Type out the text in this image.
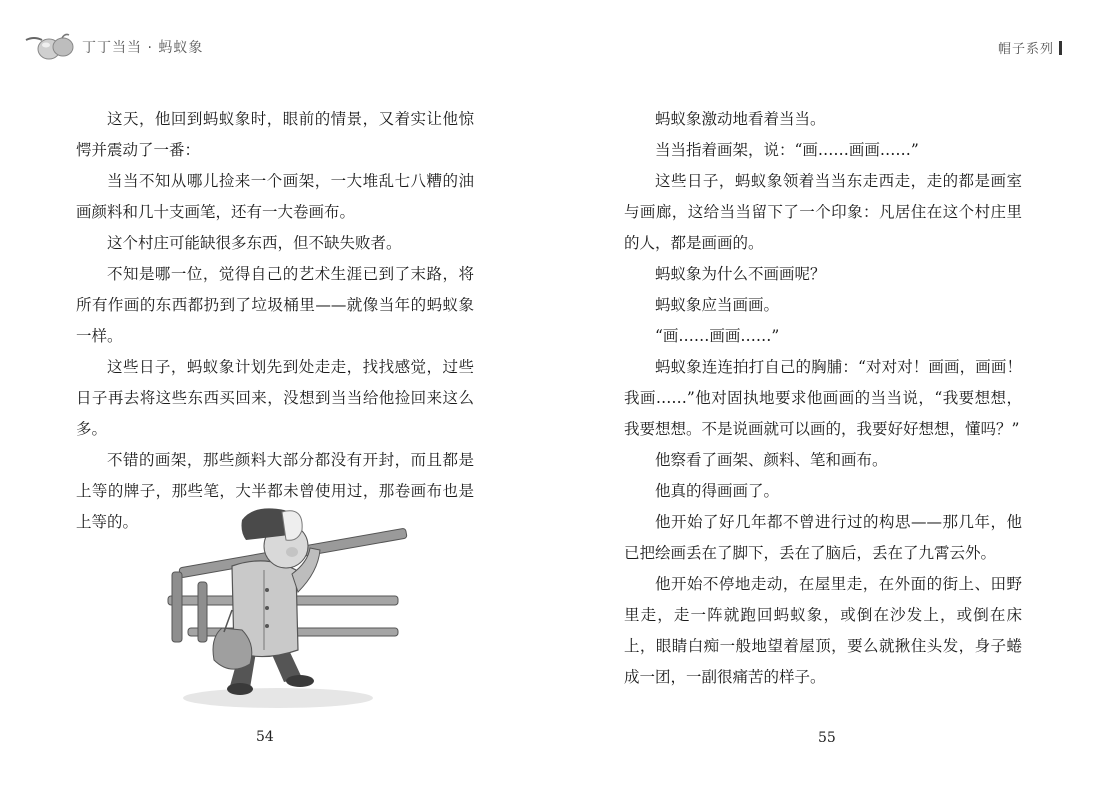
丁丁当当 · 蚂蚁象	帽子系列

这天，他回到蚂蚁象时，眼前的情景，又着实让他惊愕并震动了一番：

当当不知从哪儿捡来一个画架，一大堆乱七八糟的油画颜料和几十支画笔，还有一大卷画布。

这个村庄可能缺很多东西，但不缺失败者。

不知是哪一位，觉得自己的艺术生涯已到了末路，将所有作画的东西都扔到了垃圾桶里——就像当年的蚂蚁象一样。

这些日子，蚂蚁象计划先到处走走，找找感觉，过些日子再去将这些东西买回来，没想到当当给他捡回来这么多。

不错的画架，那些颜料大部分都没有开封，而且都是上等的牌子，那些笔，大半都未曾使用过，那卷画布也是上等的。

蚂蚁象激动地看着当当。

当当指着画架，说：“画……画画……”

这些日子，蚂蚁象领着当当东走西走，走的都是画室与画廊，这给当当留下了一个印象：凡居住在这个村庄里的人，都是画画的。

蚂蚁象为什么不画画呢？

蚂蚁象应当画画。

“画……画画……”

蚂蚁象连连拍打自己的胸脯：“对对对！画画，画画！我画……”他对固执地要求他画画的当当说，“我要想想，我要想想。不是说画就可以画的，我要好好想想，懂吗？”

他察看了画架、颜料、笔和画布。

他真的得画画了。

他开始了好几年都不曾进行过的构思——那几年，他已把绘画丢在了脚下，丢在了脑后，丢在了九霄云外。

他开始不停地走动，在屋里走，在外面的街上、田野里走，走一阵就跑回蚂蚁象，或倒在沙发上，或倒在床上，眼睛白痴一般地望着屋顶，要么就揪住头发，身子蜷成一团，一副很痛苦的样子。

54	55
